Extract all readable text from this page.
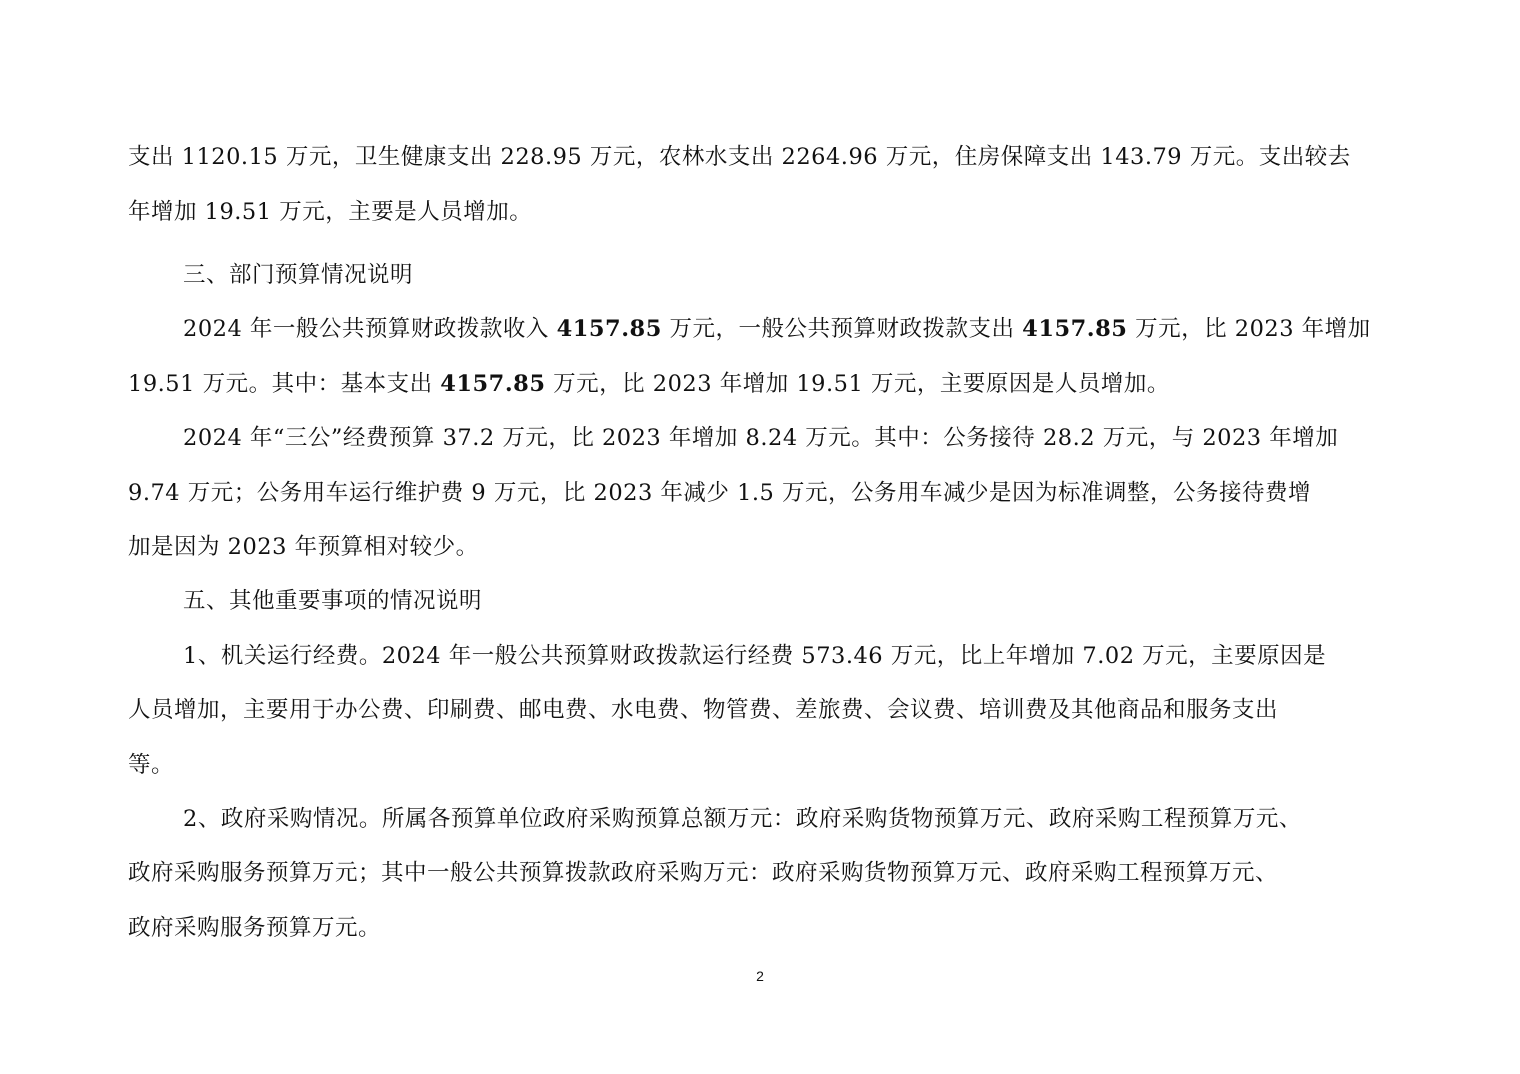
支出 1120.15 万元，卫生健康支出 228.95 万元，农林水支出 2264.96 万元，住房保障支出 143.79 万元。支出较去
年增加 19.51 万元，主要是人员增加。
三、部门预算情况说明
2024 年一般公共预算财政拨款收入 4157.85 万元，一般公共预算财政拨款支出 4157.85 万元，比 2023 年增加
19.51 万元。其中：基本支出 4157.85 万元，比 2023 年增加 19.51 万元，主要原因是人员增加。
2024 年“三公”经费预算 37.2 万元，比 2023 年增加 8.24 万元。其中：公务接待 28.2 万元，与 2023 年增加
9.74 万元；公务用车运行维护费 9 万元，比 2023 年减少 1.5 万元，公务用车减少是因为标准调整，公务接待费增
加是因为 2023 年预算相对较少。
五、其他重要事项的情况说明
1、机关运行经费。2024 年一般公共预算财政拨款运行经费 573.46 万元，比上年增加 7.02 万元，主要原因是
人员增加，主要用于办公费、印刷费、邮电费、水电费、物管费、差旅费、会议费、培训费及其他商品和服务支出
等。
2、政府采购情况。所属各预算单位政府采购预算总额万元：政府采购货物预算万元、政府采购工程预算万元、
政府采购服务预算万元；其中一般公共预算拨款政府采购万元：政府采购货物预算万元、政府采购工程预算万元、
政府采购服务预算万元。
2
